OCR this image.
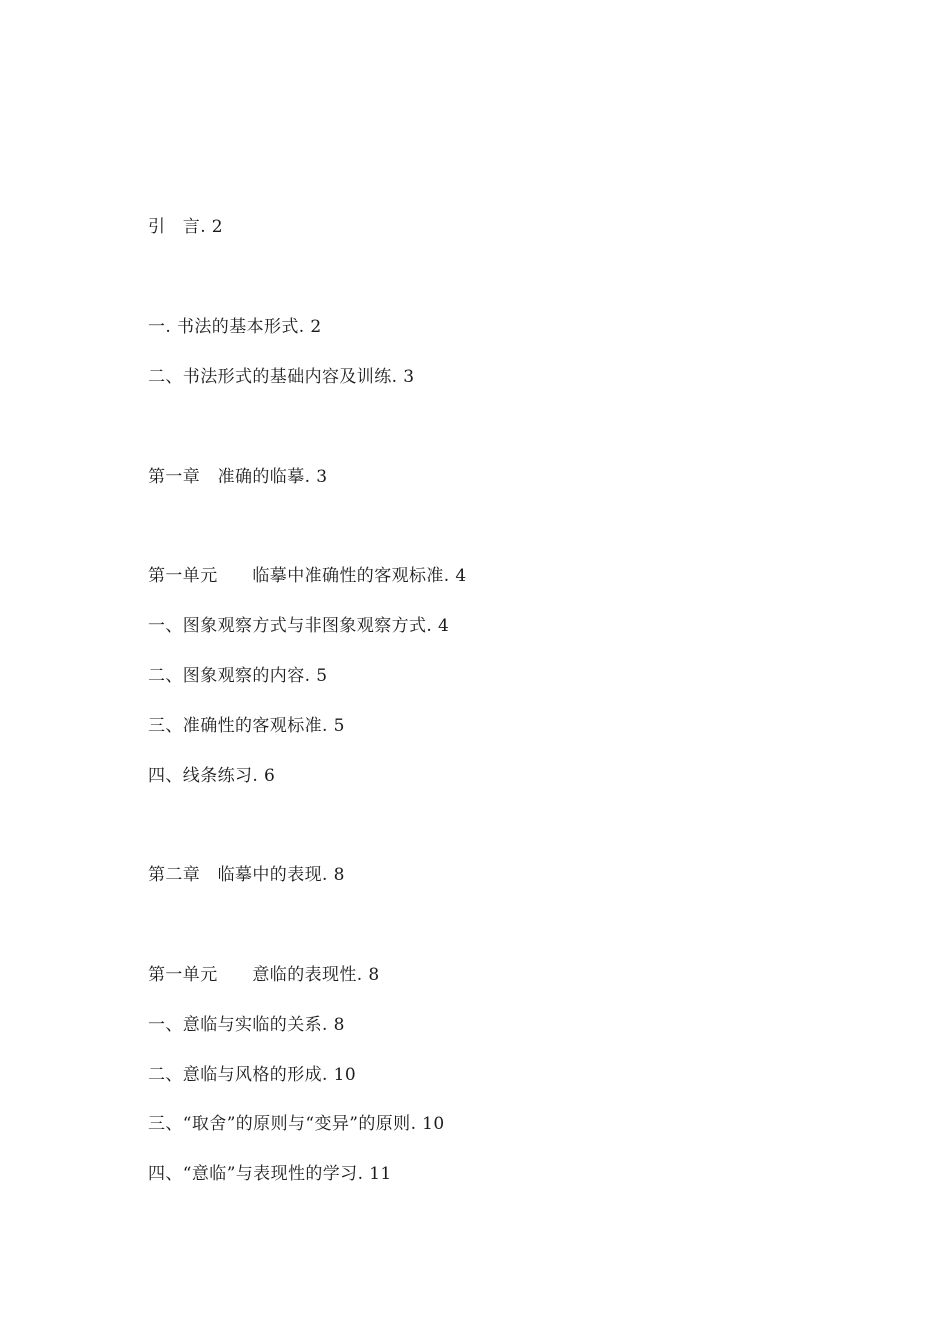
引　言. 2
一. 书法的基本形式. 2
二、书法形式的基础内容及训练. 3
第一章　准确的临摹. 3
第一单元　　临摹中准确性的客观标准. 4
一、图象观察方式与非图象观察方式. 4
二、图象观察的内容. 5
三、准确性的客观标准. 5
四、线条练习. 6
第二章　临摹中的表现. 8
第一单元　　意临的表现性. 8
一、意临与实临的关系. 8
二、意临与风格的形成. 10
三、“取舍”的原则与“变异”的原则. 10
四、“意临”与表现性的学习. 11
